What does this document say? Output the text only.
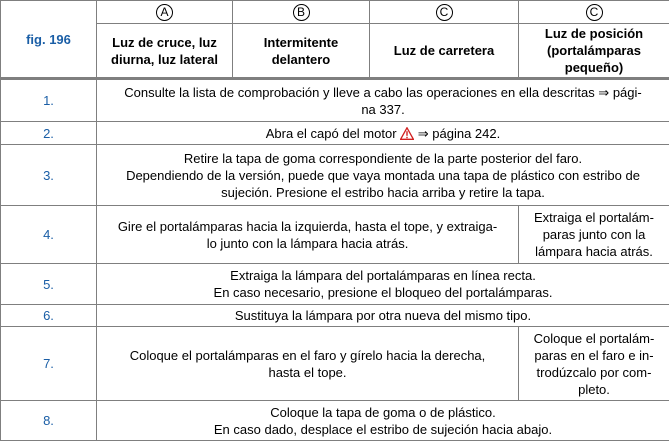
fig. 196	A	B	C	C
	Luz de cruce, luz diurna, luz lateral	Intermitente delantero	Luz de carretera	Luz de posición (portalámparas pequeño)
1.	Consulte la lista de comprobación y lleve a cabo las operaciones en ella descritas ⇒ pági-
na 337.			

2.	Abra el capó del motor ⇒ página 242.			
3.	Retire la tapa de goma correspondiente de la parte posterior del faro.
Dependiendo de la versión, puede que vaya montada una tapa de plástico con estribo de
sujeción. Presione el estribo hacia arriba y retire la tapa.			

4.	Gire el portalámparas hacia la izquierda, hasta el tope, y extraiga-
lo junto con la lámpara hacia atrás.			Extraiga el portalám-
paras junto con la
lámpara hacia atrás.

5.	Extraiga la lámpara del portalámparas en línea recta.
En caso necesario, presione el bloqueo del portalámparas.			

6.	Sustituya la lámpara por otra nueva del mismo tipo.			

7.	Coloque el portalámparas en el faro y gírelo hacia la derecha,
hasta el tope.			Coloque el portalám-
paras en el faro e in-
trodúzcalo por com-
pleto.

8.	Coloque la tapa de goma o de plástico.
En caso dado, desplace el estribo de sujeción hacia abajo.			
